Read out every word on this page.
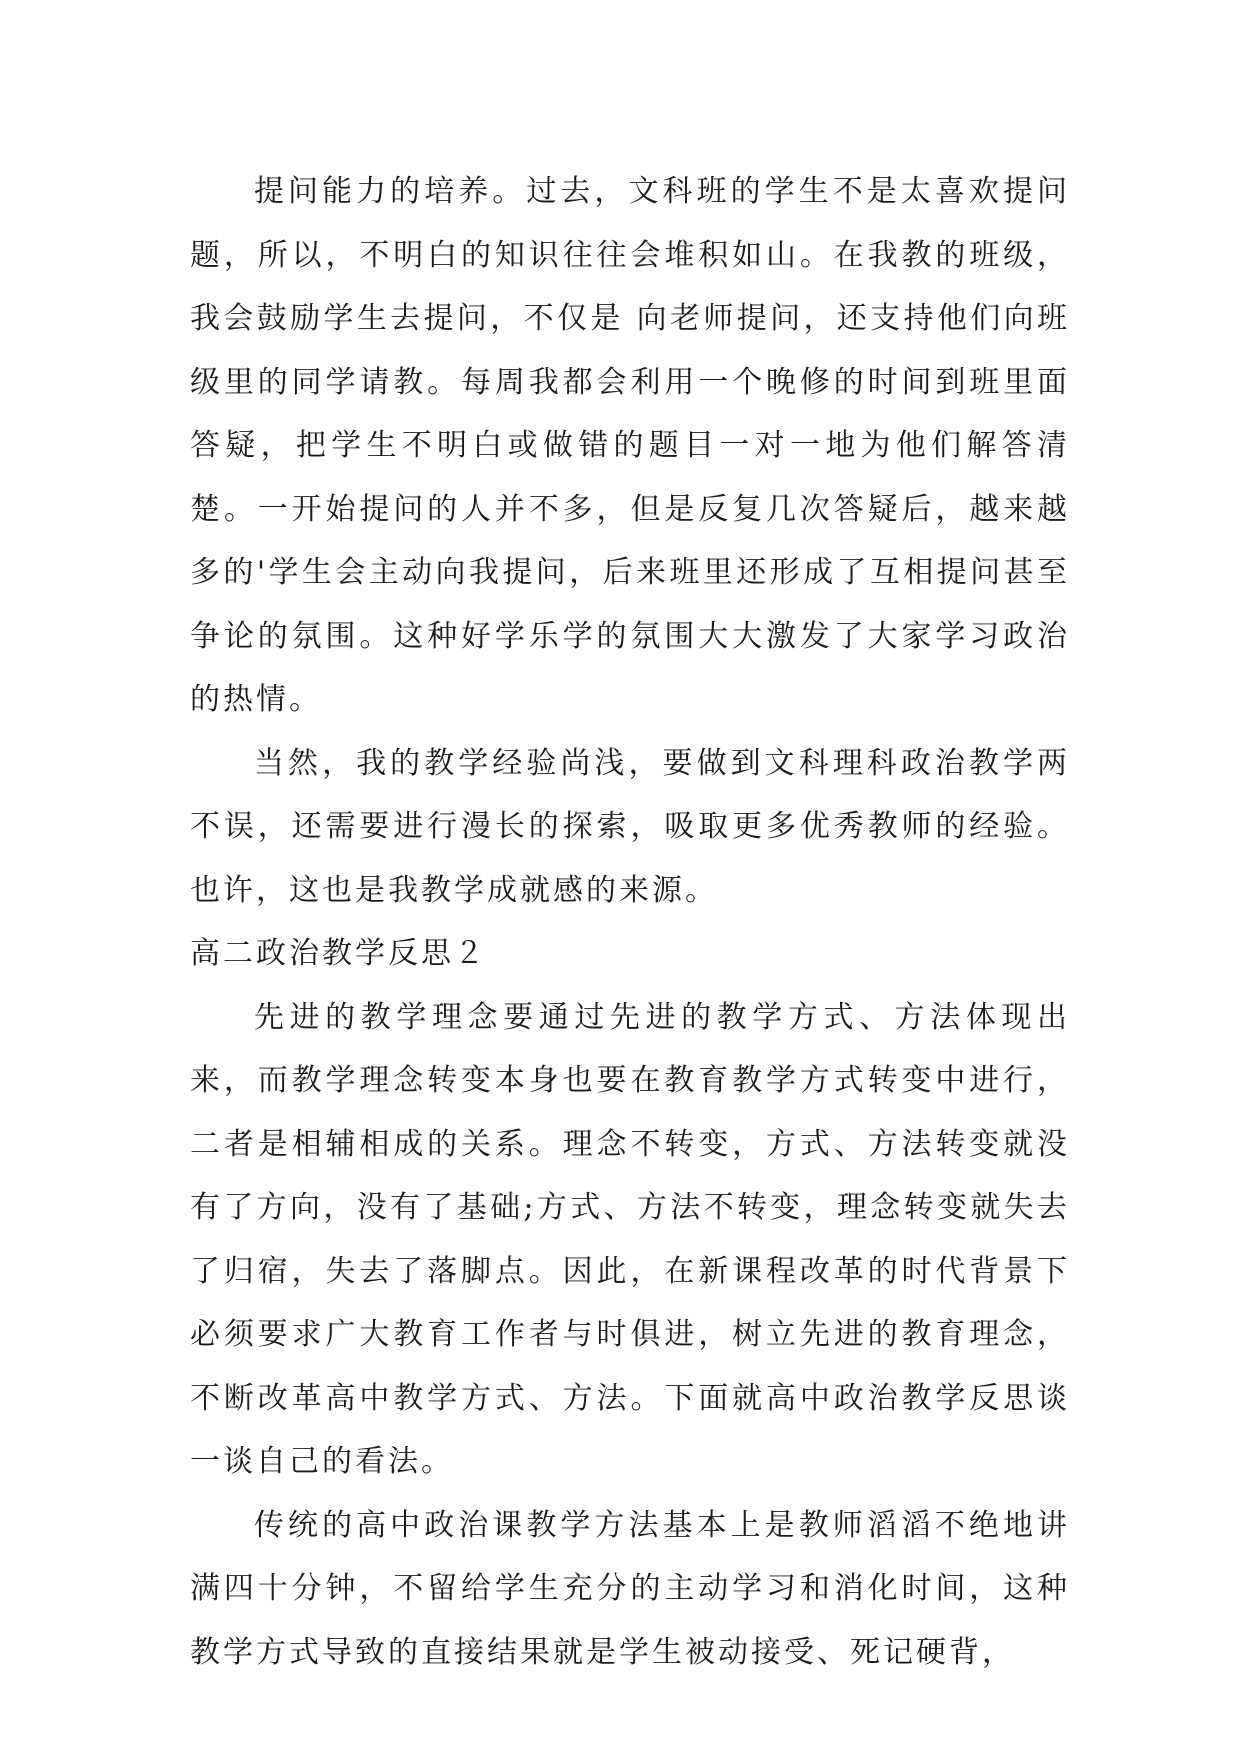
提问能力的培养。过去，文科班的学生不是太喜欢提问题，所以，不明白的知识往往会堆积如山。在我教的班级，我会鼓励学生去提问，不仅是 向老师提问，还支持他们向班级里的同学请教。每周我都会利用一个晚修的时间到班里面答疑，把学生不明白或做错的题目一对一地为他们解答清楚。一开始提问的人并不多，但是反复几次答疑后，越来越多的'学生会主动向我提问，后来班里还形成了互相提问甚至争论的氛围。这种好学乐学的氛围大大激发了大家学习政治的热情。

当然，我的教学经验尚浅，要做到文科理科政治教学两不误，还需要进行漫长的探索，吸取更多优秀教师的经验。也许，这也是我教学成就感的来源。

高二政治教学反思２

先进的教学理念要通过先进的教学方式、方法体现出来，而教学理念转变本身也要在教育教学方式转变中进行，二者是相辅相成的关系。理念不转变，方式、方法转变就没有了方向，没有了基础;方式、方法不转变，理念转变就失去了归宿，失去了落脚点。因此，在新课程改革的时代背景下必须要求广大教育工作者与时俱进，树立先进的教育理念，不断改革高中教学方式、方法。下面就高中政治教学反思谈一谈自己的看法。

传统的高中政治课教学方法基本上是教师滔滔不绝地讲满四十分钟，不留给学生充分的主动学习和消化时间，这种教学方式导致的直接结果就是学生被动接受、死记硬背，
